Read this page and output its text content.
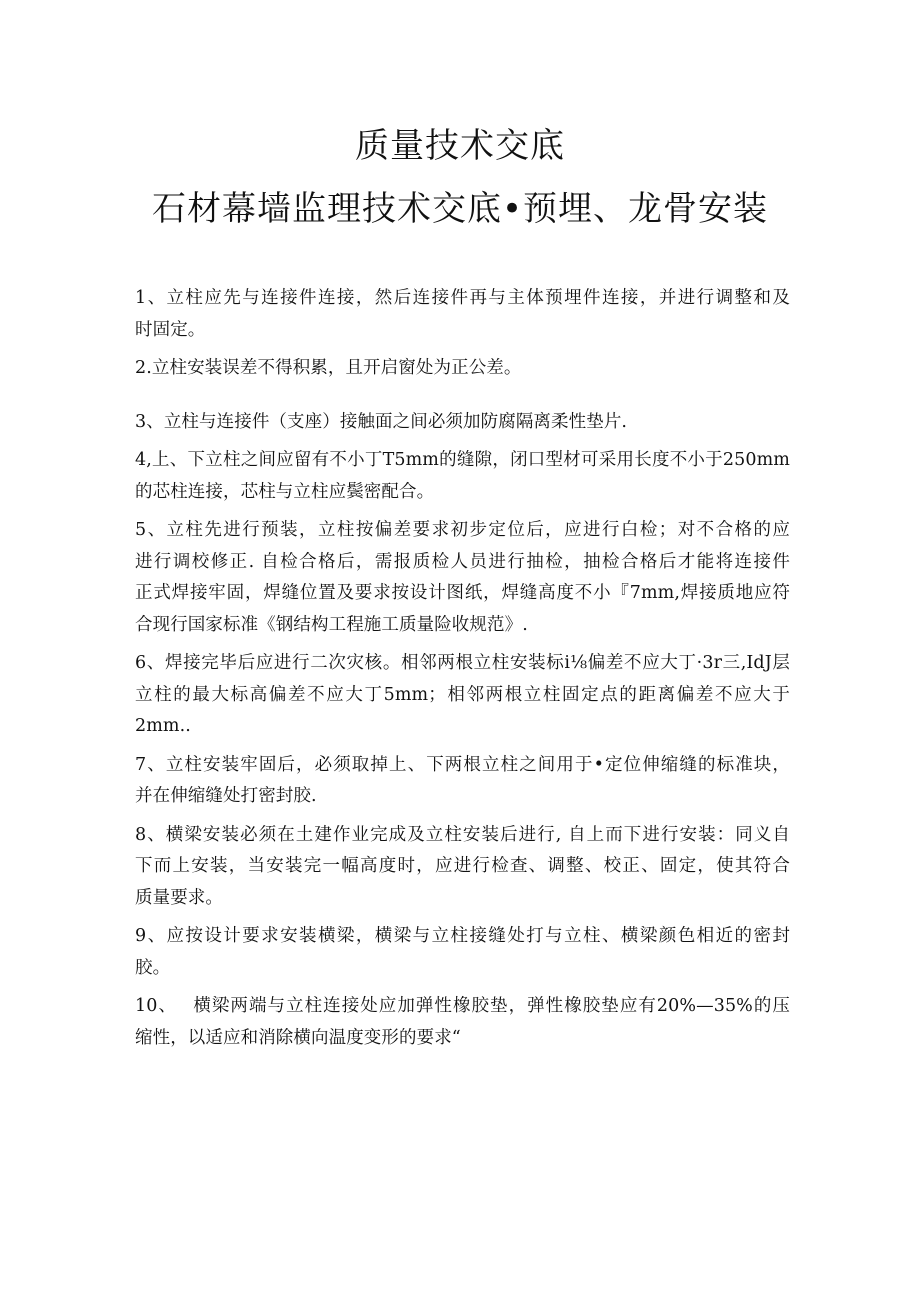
质量技术交底
石材幕墙监理技术交底•预埋、龙骨安装

1、立柱应先与连接件连接，然后连接件再与主体预埋件连接，并进行调整和及
时固定。

2.立柱安装误差不得积累，且开启窗处为正公差。

3、立柱与连接件（支座）接触面之间必须加防腐隔离柔性垫片.

4,上、下立柱之间应留有不小丁T5mm的缝隙，闭口型材可采用长度不小于250mm
的芯柱连接，芯柱与立柱应鬓密配合。

5、立柱先进行预装，立柱按偏差要求初步定位后，应进行白检；对不合格的应
进行调校修正. 自检合格后，需报质检人员进行抽检，抽检合格后才能将连接件
正式焊接牢固，焊缝位置及要求按设计图纸，焊缝高度不小『7mm,焊接质地应符
合现行国家标准《钢结构工程施工质量险收规范》.

6、焊接完毕后应进行二次灾核。相邻两根立柱安装标i⅛偏差不应大丁·3r三,IdJ层
立柱的最大标高偏差不应大丁5mm；相邻两根立柱固定点的距离偏差不应大于
2mm..

7、立柱安装牢固后，必须取掉上、下两根立柱之间用于•定位伸缩缝的标准块，
并在伸缩缝处打密封胶.

8、横梁安装必须在土建作业完成及立柱安装后进行, 自上而下进行安装：同义自
下而上安装，当安装完一幅高度时，应进行检查、调整、校正、固定，使其符合
质量要求。

9、应按设计要求安装横梁，横梁与立柱接缝处打与立柱、横梁颜色相近的密封
胶。

10、　 横梁两端与立柱连接处应加弹性橡胶垫，弹性橡胶垫应有20%—35%的压
缩性，以适应和消除横向温度变形的要求“
